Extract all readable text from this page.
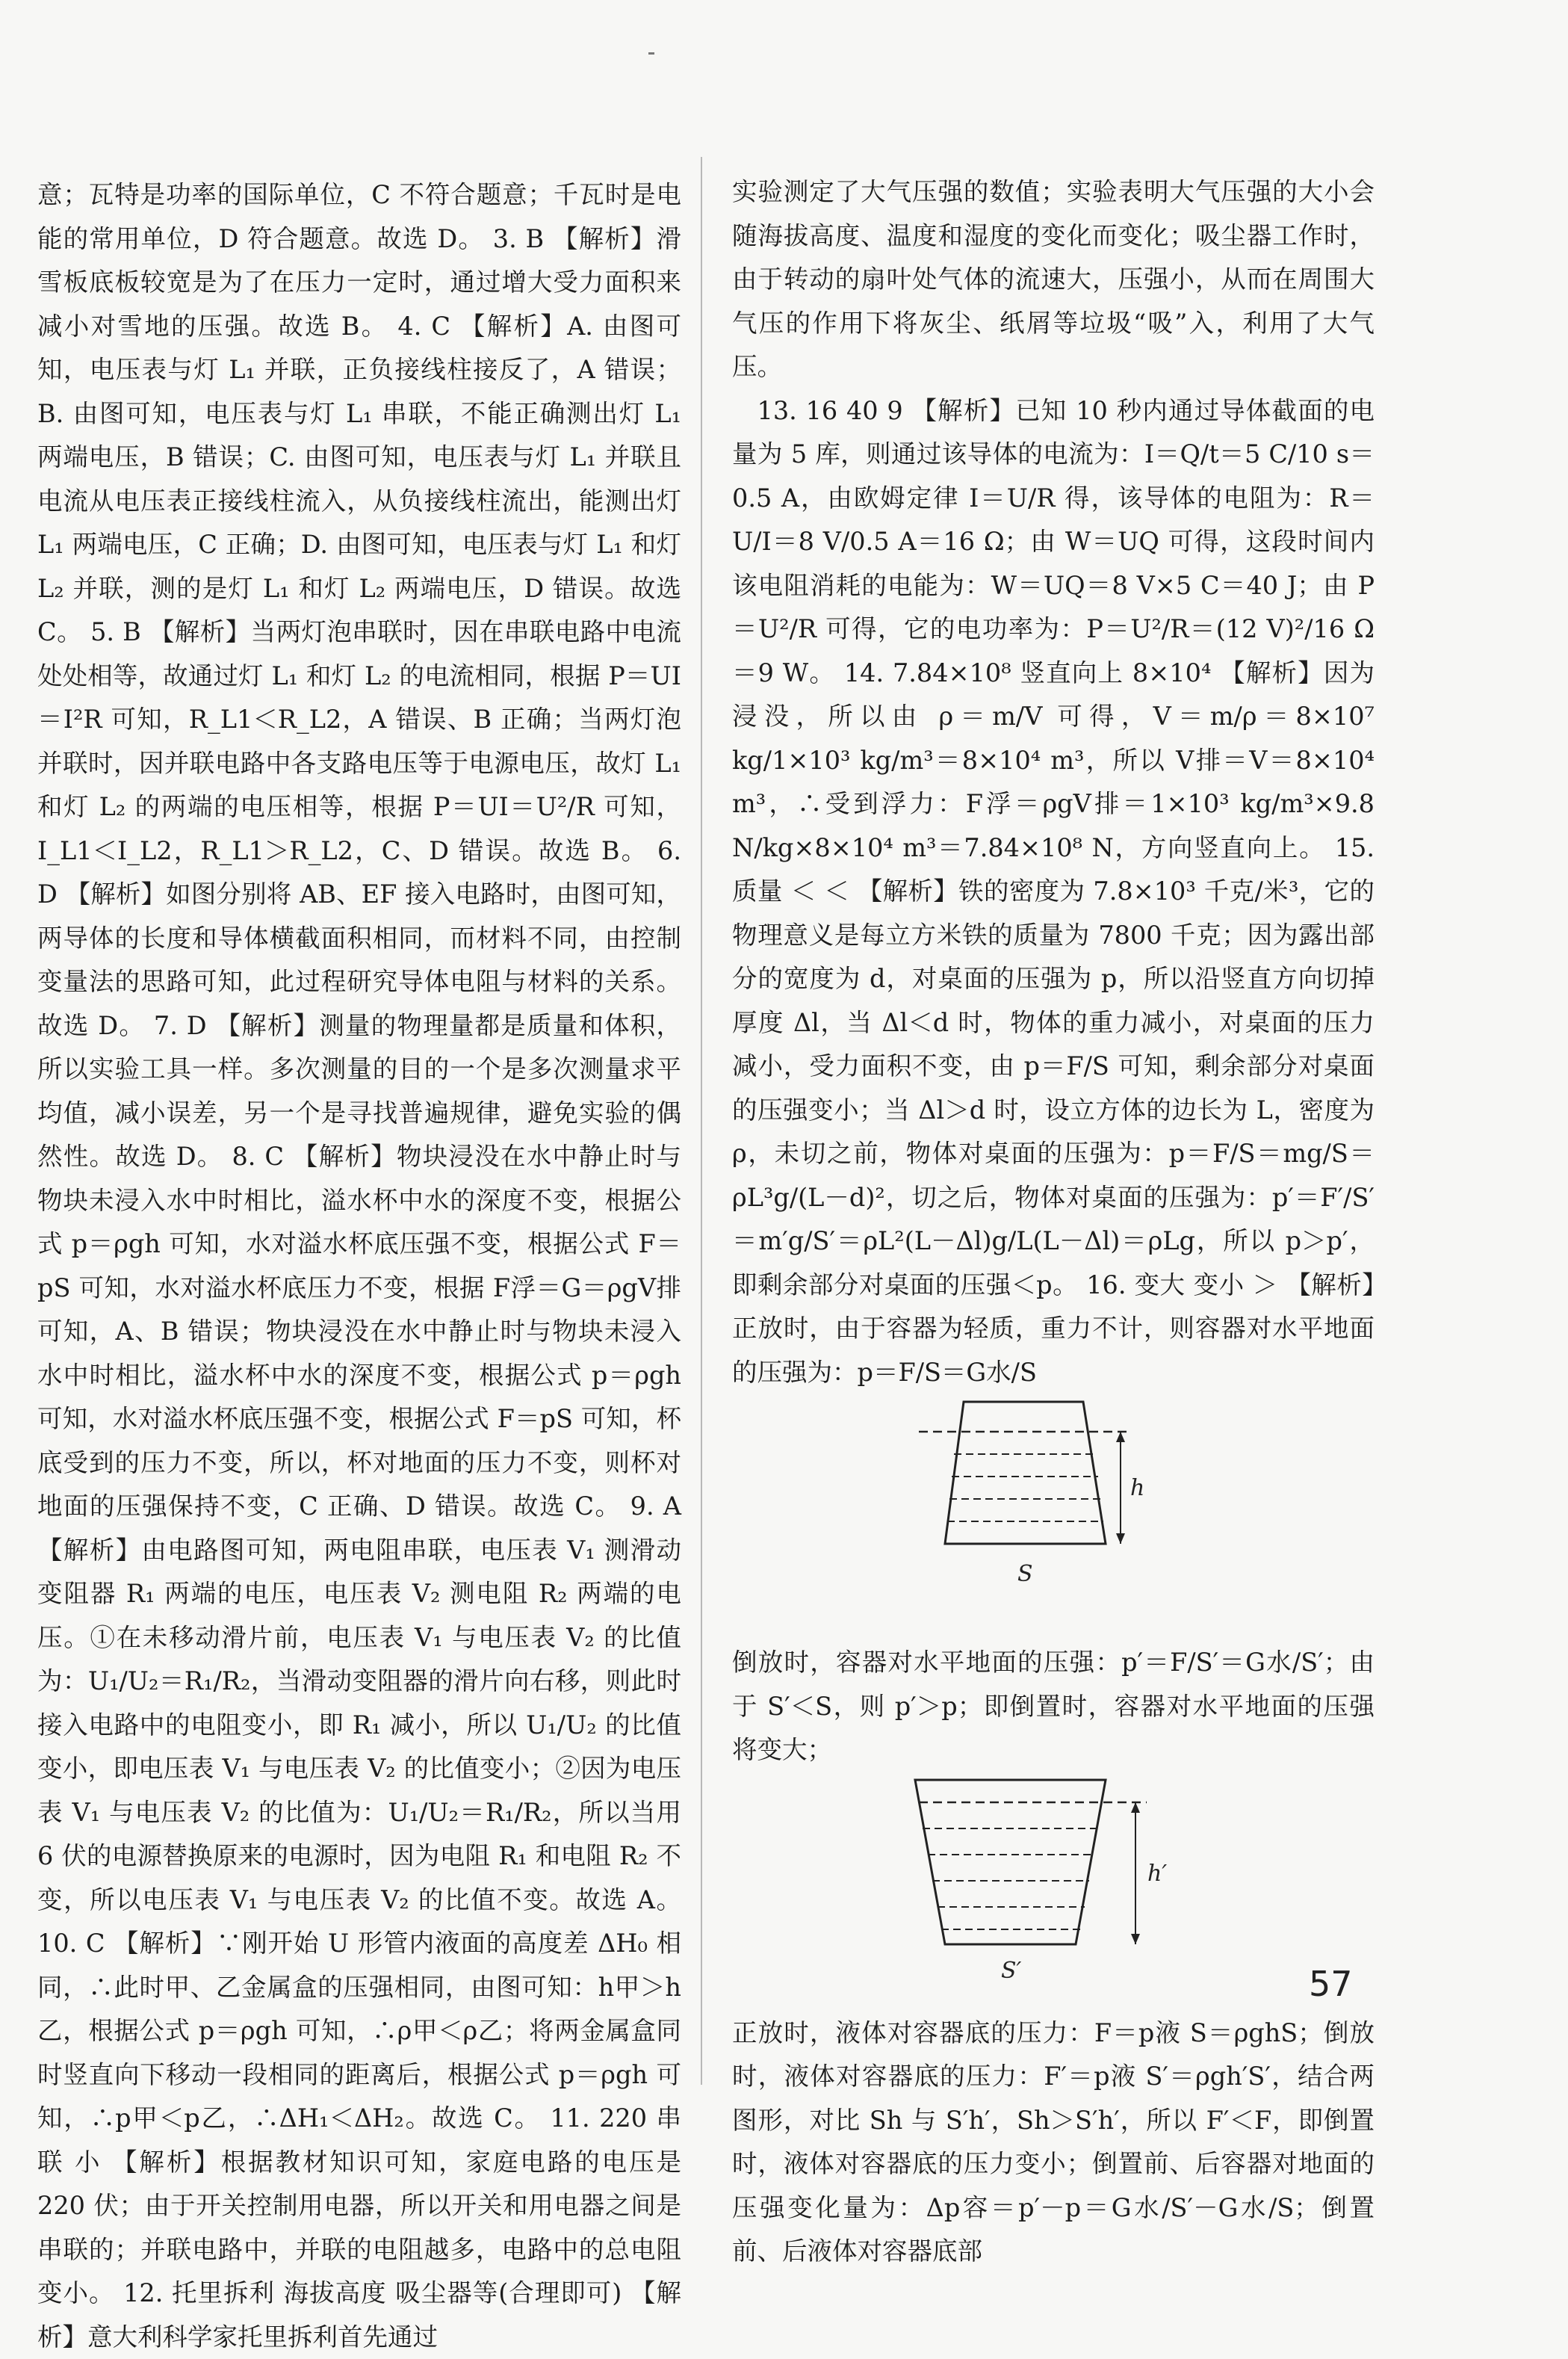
意；瓦特是功率的国际单位，C 不符合题意；千瓦时是电能的常用单位，D 符合题意。故选 D。 3. B 【解析】滑雪板底板较宽是为了在压力一定时，通过增大受力面积来减小对雪地的压强。故选 B。 4. C 【解析】A. 由图可知，电压表与灯 L₁ 并联，正负接线柱接反了，A 错误；B. 由图可知，电压表与灯 L₁ 串联，不能正确测出灯 L₁ 两端电压，B 错误；C. 由图可知，电压表与灯 L₁ 并联且电流从电压表正接线柱流入，从负接线柱流出，能测出灯 L₁ 两端电压，C 正确；D. 由图可知，电压表与灯 L₁ 和灯 L₂ 并联，测的是灯 L₁ 和灯 L₂ 两端电压，D 错误。故选 C。 5. B 【解析】当两灯泡串联时，因在串联电路中电流处处相等，故通过灯 L₁ 和灯 L₂ 的电流相同，根据 P＝UI＝I²R 可知，R_L1＜R_L2，A 错误、B 正确；当两灯泡并联时，因并联电路中各支路电压等于电源电压，故灯 L₁ 和灯 L₂ 的两端的电压相等，根据 P＝UI＝U²/R 可知，I_L1＜I_L2，R_L1＞R_L2，C、D 错误。故选 B。 6. D 【解析】如图分别将 AB、EF 接入电路时，由图可知，两导体的长度和导体横截面积相同，而材料不同，由控制变量法的思路可知，此过程研究导体电阻与材料的关系。故选 D。 7. D 【解析】测量的物理量都是质量和体积，所以实验工具一样。多次测量的目的一个是多次测量求平均值，减小误差，另一个是寻找普遍规律，避免实验的偶然性。故选 D。 8. C 【解析】物块浸没在水中静止时与物块未浸入水中时相比，溢水杯中水的深度不变，根据公式 p＝ρgh 可知，水对溢水杯底压强不变，根据公式 F＝pS 可知，水对溢水杯底压力不变，根据 F浮＝G＝ρgV排 可知，A、B 错误；物块浸没在水中静止时与物块未浸入水中时相比，溢水杯中水的深度不变，根据公式 p＝ρgh 可知，水对溢水杯底压强不变，根据公式 F＝pS 可知，杯底受到的压力不变，所以，杯对地面的压力不变，则杯对地面的压强保持不变，C 正确、D 错误。故选 C。 9. A 【解析】由电路图可知，两电阻串联，电压表 V₁ 测滑动变阻器 R₁ 两端的电压，电压表 V₂ 测电阻 R₂ 两端的电压。①在未移动滑片前，电压表 V₁ 与电压表 V₂ 的比值为：U₁/U₂＝R₁/R₂，当滑动变阻器的滑片向右移，则此时接入电路中的电阻变小，即 R₁ 减小，所以 U₁/U₂ 的比值变小，即电压表 V₁ 与电压表 V₂ 的比值变小；②因为电压表 V₁ 与电压表 V₂ 的比值为：U₁/U₂＝R₁/R₂，所以当用 6 伏的电源替换原来的电源时，因为电阻 R₁ 和电阻 R₂ 不变，所以电压表 V₁ 与电压表 V₂ 的比值不变。故选 A。 10. C 【解析】∵刚开始 U 形管内液面的高度差 ΔH₀ 相同，∴此时甲、乙金属盒的压强相同，由图可知：h甲＞h乙，根据公式 p＝ρgh 可知，∴ρ甲＜ρ乙；将两金属盒同时竖直向下移动一段相同的距离后，根据公式 p＝ρgh 可知，∴p甲＜p乙，∴ΔH₁＜ΔH₂。故选 C。 11. 220 串联 小 【解析】根据教材知识可知，家庭电路的电压是 220 伏；由于开关控制用电器，所以开关和用电器之间是串联的；并联电路中，并联的电阻越多，电路中的总电阻变小。 12. 托里拆利 海拔高度 吸尘器等(合理即可) 【解析】意大利科学家托里拆利首先通过

实验测定了大气压强的数值；实验表明大气压强的大小会随海拔高度、温度和湿度的变化而变化；吸尘器工作时，由于转动的扇叶处气体的流速大，压强小，从而在周围大气压的作用下将灰尘、纸屑等垃圾“吸”入，利用了大气压。

13. 16 40 9 【解析】已知 10 秒内通过导体截面的电量为 5 库，则通过该导体的电流为：I＝Q/t＝5 C/10 s＝0.5 A，由欧姆定律 I＝U/R 得，该导体的电阻为：R＝U/I＝8 V/0.5 A＝16 Ω；由 W＝UQ 可得，这段时间内该电阻消耗的电能为：W＝UQ＝8 V×5 C＝40 J；由 P＝U²/R 可得，它的电功率为：P＝U²/R＝(12 V)²/16 Ω＝9 W。 14. 7.84×10⁸ 竖直向上 8×10⁴ 【解析】因为浸没，所以由 ρ＝m/V 可得，V＝m/ρ＝8×10⁷ kg/1×10³ kg/m³＝8×10⁴ m³，所以 V排＝V＝8×10⁴ m³，∴受到浮力：F浮＝ρgV排＝1×10³ kg/m³×9.8 N/kg×8×10⁴ m³＝7.84×10⁸ N，方向竖直向上。 15. 质量 ＜ ＜ 【解析】铁的密度为 7.8×10³ 千克/米³，它的物理意义是每立方米铁的质量为 7800 千克；因为露出部分的宽度为 d，对桌面的压强为 p，所以沿竖直方向切掉厚度 Δl，当 Δl＜d 时，物体的重力减小，对桌面的压力减小，受力面积不变，由 p＝F/S 可知，剩余部分对桌面的压强变小；当 Δl＞d 时，设立方体的边长为 L，密度为 ρ，未切之前，物体对桌面的压强为：p＝F/S＝mg/S＝ρL³g/(L－d)²，切之后，物体对桌面的压强为：p′＝F′/S′＝m′g/S′＝ρL²(L－Δl)g/L(L－Δl)＝ρLg，所以 p＞p′，即剩余部分对桌面的压强＜p。 16. 变大 变小 ＞ 【解析】正放时，由于容器为轻质，重力不计，则容器对水平地面的压强为：p＝F/S＝G水/S

h
S

倒放时，容器对水平地面的压强：p′＝F/S′＝G水/S′；由于 S′＜S，则 p′＞p；即倒置时，容器对水平地面的压强将变大；

h′
S′

正放时，液体对容器底的压力：F＝p液 S＝ρghS；倒放时，液体对容器底的压力：F′＝p液 S′＝ρgh′S′，结合两图形，对比 Sh 与 S′h′，Sh＞S′h′，所以 F′＜F，即倒置时，液体对容器底的压力变小；倒置前、后容器对地面的压强变化量为：Δp容＝p′－p＝G水/S′－G水/S；倒置前、后液体对容器底部

57
